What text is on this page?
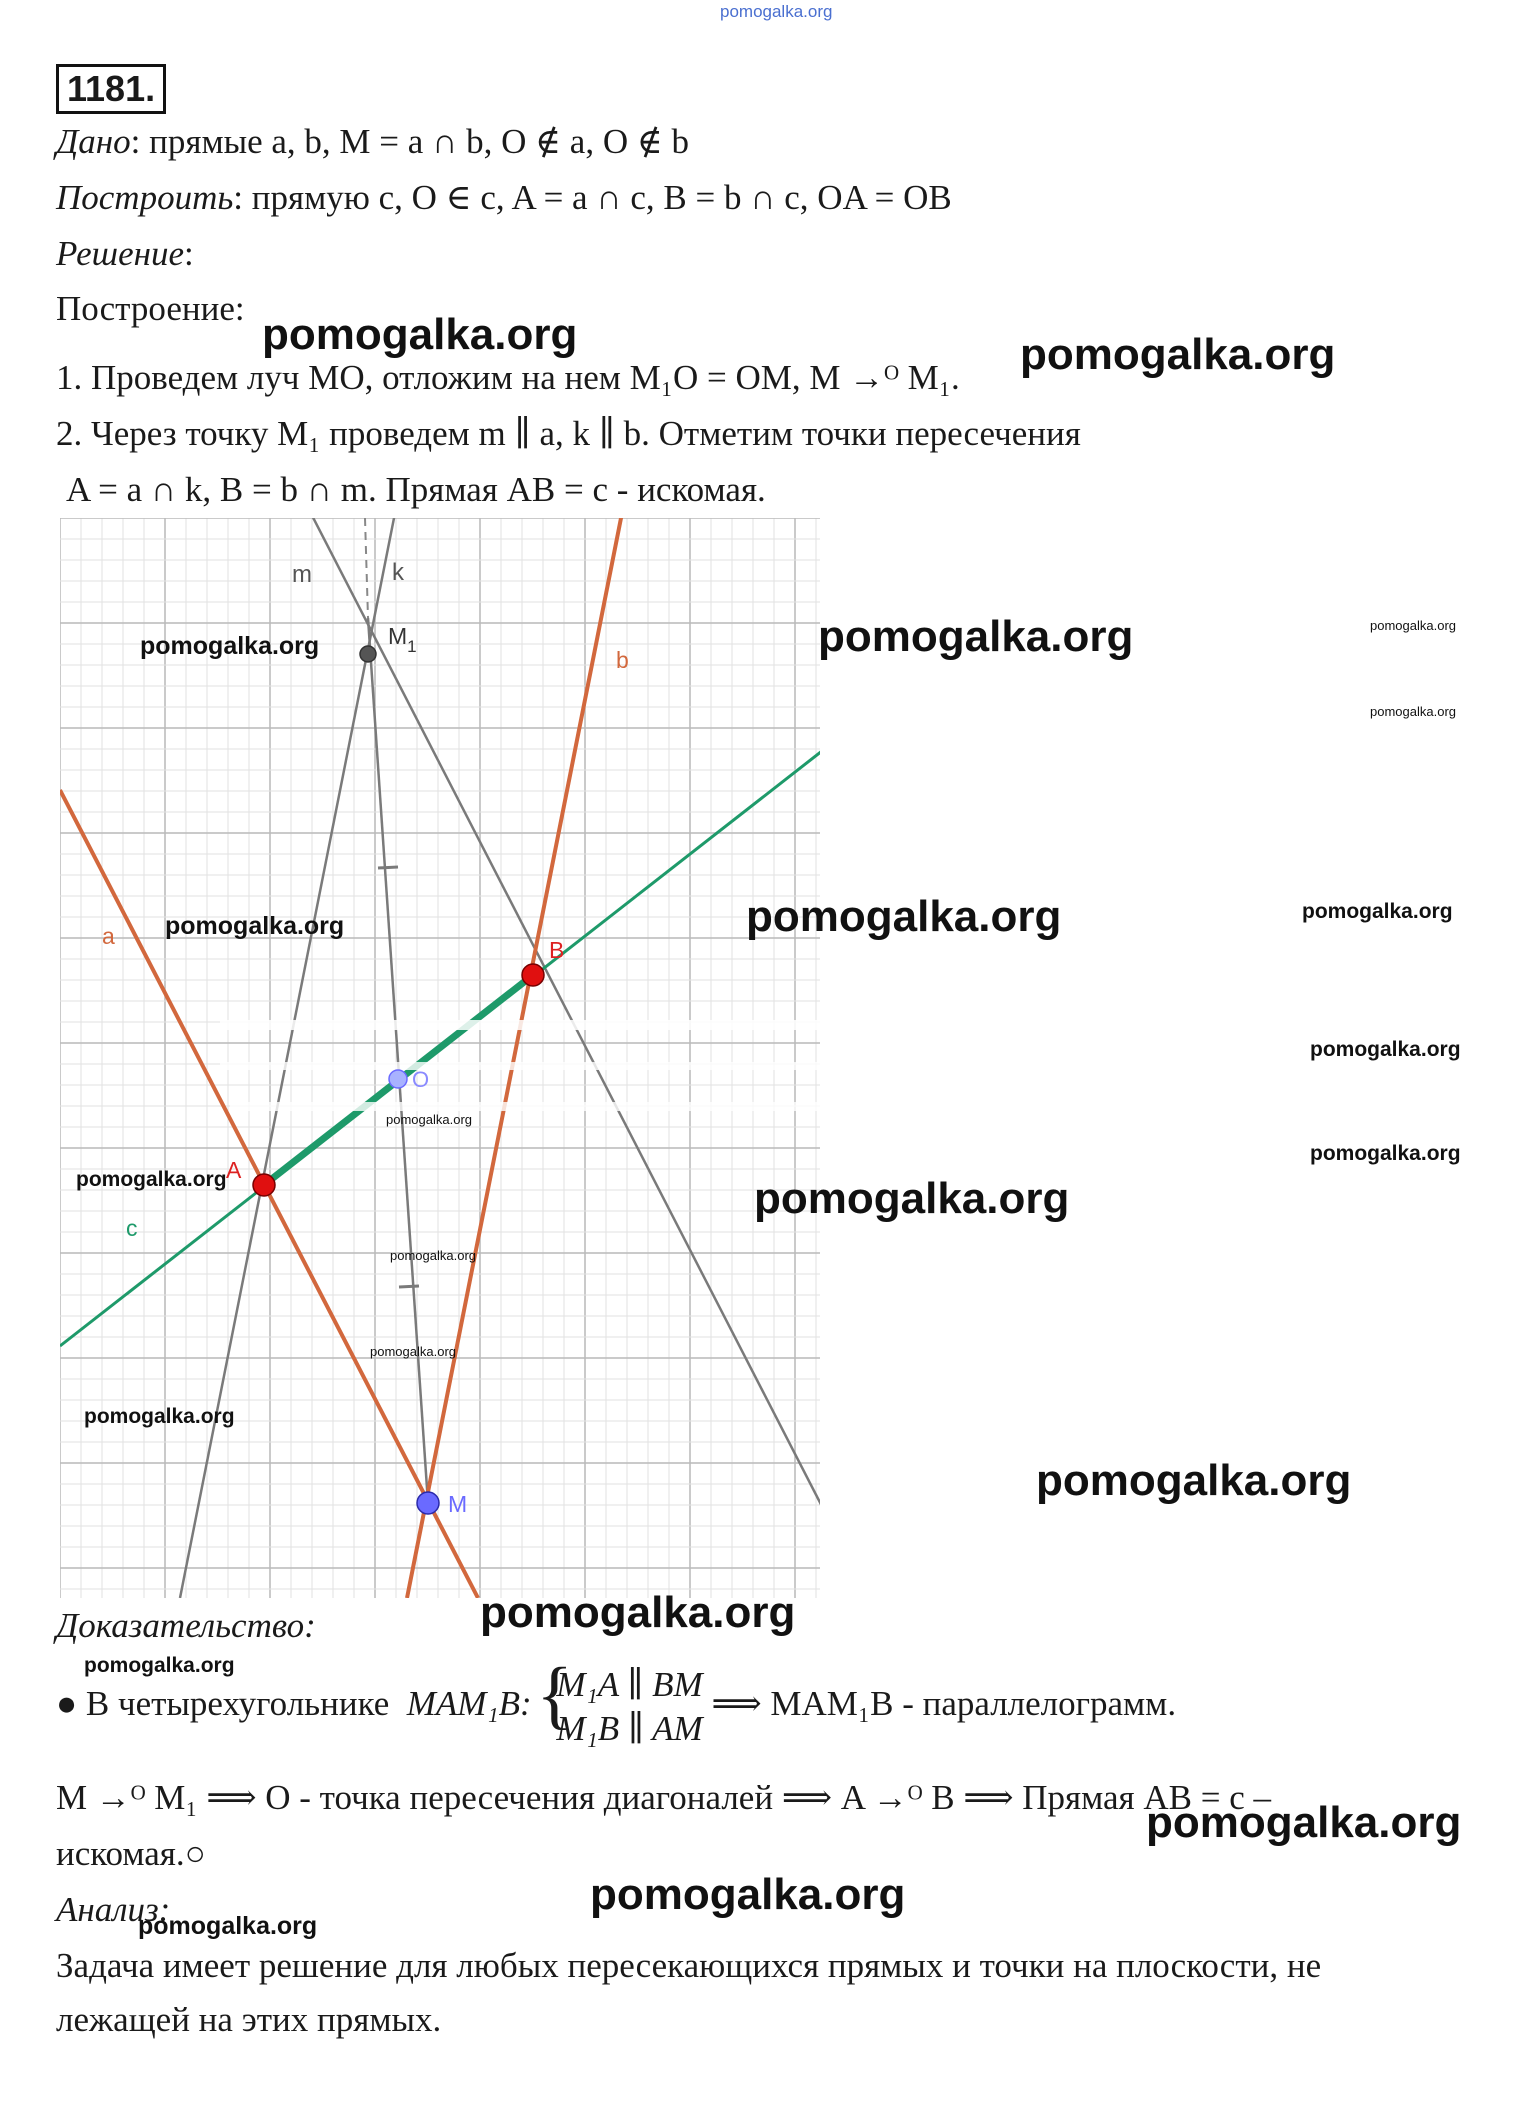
pomogalka.org
1181.
Дано: прямые a, b, M = a ∩ b, O ∉ a, O ∉ b
Построить: прямую c, O ∈ c, A = a ∩ c, B = b ∩ c, OA = OB
Решение:
Построение:
1. Проведем луч MO, отложим на нем M₁O = OM, M →ᴼ M₁.
2. Через точку M₁ проведем m ∥ a, k ∥ b. Отметим точки пересечения
A = a ∩ k, B = b ∩ m. Прямая AB = c - искомая.
m	k
$M_1$
b
a
B
O
A
c
M
Доказательство:
● В четырехугольнике MAM₁B:
{ M₁A ∥ BM
M₁B ∥ AM
⟹ MAM₁B - параллелограмм.
M →ᴼ M₁ ⟹ O - точка пересечения диагоналей ⟹ A →ᴼ B ⟹ Прямая AB = c –
искомая.○
Анализ:
Задача имеет решение для любых пересекающихся прямых и точки на плоскости, не
лежащей на этих прямых.
pomogalka.org	pomogalka.org
pomogalka.org	pomogalka.org	pomogalka.org
pomogalka.org
pomogalka.org	pomogalka.org	pomogalka.org
pomogalka.org
pomogalka.org
pomogalka.org
pomogalka.org
pomogalka.org
pomogalka.org
pomogalka.org
pomogalka.org
pomogalka.org
pomogalka.org
pomogalka.org
pomogalka.org
pomogalka.org
pomogalka.org
